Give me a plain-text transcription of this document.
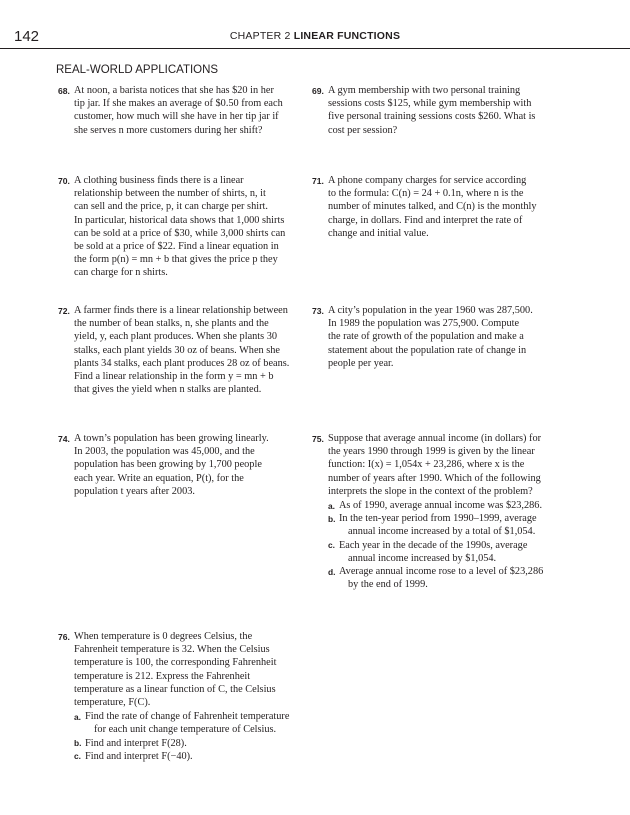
142	CHAPTER 2 LINEAR FUNCTIONS
REAL-WORLD APPLICATIONS
68. At noon, a barista notices that she has $20 in her
tip jar. If she makes an average of $0.50 from each
customer, how much will she have in her tip jar if
she serves n more customers during her shift?
69. A gym membership with two personal training
sessions costs $125, while gym membership with
five personal training sessions costs $260. What is
cost per session?
70. A clothing business finds there is a linear
relationship between the number of shirts, n, it
can sell and the price, p, it can charge per shirt.
In particular, historical data shows that 1,000 shirts
can be sold at a price of $30, while 3,000 shirts can
be sold at a price of $22. Find a linear equation in
the form p(n) = mn + b that gives the price p they
can charge for n shirts.
71. A phone company charges for service according
to the formula: C(n) = 24 + 0.1n, where n is the
number of minutes talked, and C(n) is the monthly
charge, in dollars. Find and interpret the rate of
change and initial value.
72. A farmer finds there is a linear relationship between
the number of bean stalks, n, she plants and the
yield, y, each plant produces. When she plants 30
stalks, each plant yields 30 oz of beans. When she
plants 34 stalks, each plant produces 28 oz of beans.
Find a linear relationship in the form y = mn + b
that gives the yield when n stalks are planted.
73. A city’s population in the year 1960 was 287,500.
In 1989 the population was 275,900. Compute
the rate of growth of the population and make a
statement about the population rate of change in
people per year.
74. A town’s population has been growing linearly.
In 2003, the population was 45,000, and the
population has been growing by 1,700 people
each year. Write an equation, P(t), for the
population t years after 2003.
75. Suppose that average annual income (in dollars) for
the years 1990 through 1999 is given by the linear
function: I(x) = 1,054x + 23,286, where x is the
number of years after 1990. Which of the following
interprets the slope in the context of the problem?
a. As of 1990, average annual income was $23,286.
b. In the ten-year period from 1990–1999, average
annual income increased by a total of $1,054.
c. Each year in the decade of the 1990s, average
annual income increased by $1,054.
d. Average annual income rose to a level of $23,286
by the end of 1999.
76. When temperature is 0 degrees Celsius, the
Fahrenheit temperature is 32. When the Celsius
temperature is 100, the corresponding Fahrenheit
temperature is 212. Express the Fahrenheit
temperature as a linear function of C, the Celsius
temperature, F(C).
a. Find the rate of change of Fahrenheit temperature
for each unit change temperature of Celsius.
b. Find and interpret F(28).
c. Find and interpret F(−40).
